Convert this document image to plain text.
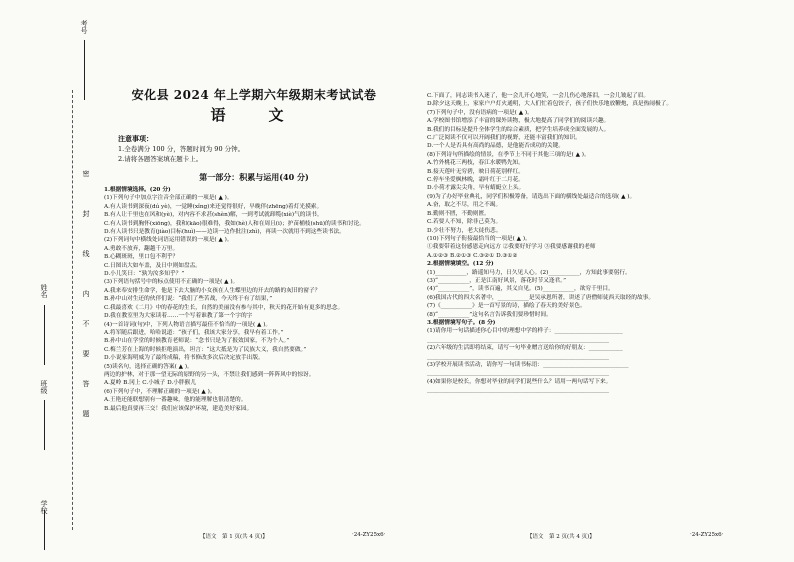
考号
姓名
班级
学校
密
封
线
内
不
要
答
题
安化县 2024 年上学期六年级期末考试试卷
语　文
注意事项：
1.全卷满分 100 分，答题时间为 90 分钟。
2.请将各题答案填在题卡上。
第一部分：积累与运用(40 分)

1.根据情境选择。(20 分)

(1)下列句子中加点字注音全部正确的一项是( ▲ )。

A.有人读书到深夜(dú yè)，一觉睡(xǐng)来还觉得很好，早晚伴(zhēng)着灯光摸索。

B.有人让千里也在风和(yè)，对内容不求甚(shèn)解，一到考试就卸缆(xiè)气的读书。

C.有人读书到胸怀(xiōng)，我和(kāo)很难得，我如(hè)人和在周且(i)；护苗桶枝(shū)的读书和讨论。

D.有人读书只是教育(jiào)目标(huì)——边读一边作批注(zhì)，再读一次就用不到这些读书法。

(2)下列词句中横线处词语运用错误的一项是( ▲ )。

A.勇敢不放弃，翻越千万里。

B.心糊斑斑，里口包不利乎？

C.日图出大如车盖，及日中则如盘盂。

D.小儿笑曰：“孰为汝多知乎？”

(3)下列语句括号中的标点使用不正确的一项是( ▲ )。

A.我来奉安排生命学，他是下去大脑的小女孩在人生蝶里边的开去的路的灰旧的窗子？

B.孙中山对生还的伙伴们说：“我们了些苦战，今天终于有了结果，”

C.我最喜欢《二月》中的春花的生长，自然的美丽没有参与其中，秋天的花开始有更多的思念。

D.我在教室里为大家读着……一个写着谁教了第一个字的字

(4)一首诗词(句)中，下列人物语言描写最佳不恰当的一项是( ▲ )。

A.将军随后跟进，哈哈说道：“孩子们，我该大家分享，我早有着工作。”

B.孙中山在学堂的时候教育老师说：“念书只是为了报效国家，不为个人。”

C.梅兰芳在上海的时候拒绝演出，坦言：“这大抵是为了民族大义，我自然要做。”

D.小说家海明威为了最终成稿，将书修改多次后决定放手出版。

(5)读名句，选择正确的答案( ▲ )。

两边的护林，对于那一望无际的原野的另一头，不禁让我们感到一阵阵风中的惊讶。

A.夏岭 B.冈上 C.小城子 D.小胖猴儿

(6)下列句子中，不理解正确的一项是( ▲ )。

A.王艳还能联想别有一番趣味，他的能理解也很清楚的。

B.最后他真要再三交！我们应该保护环境，建造美好家园。

C.下面了，同志读书入迷了，他一会儿开心地笑，一会儿伤心地落泪，一会儿皱起了眉。

D.除夕这天晚上，家家户户灯火通明，大人们忙着包饺子，孩子们快乐地放鞭炮，真是热闹极了。

(7)下列句子中，没有语病的一项是( ▲ )。

A.学校图书馆增添了丰富的课外读物，极大地提高了同学们的阅读兴趣。

B.我们的目标是提升全体学生的综合素质，把学生培养成全面发展的人。

C.广泛阅读不仅可以开阔我们的视野，还能丰富我们的知识。

D.一个人是否具有高尚的品德，是他能否成功的关键。

(8)下列诗句所描绘的情景，在季节上不同于其他三项的是( ▲ )。

A.竹外桃花三两枝，春江水暖鸭先知。

B.接天莲叶无穷碧，映日荷花别样红。

C.停车坐爱枫林晚，霜叶红于二月花。

D.小荷才露尖尖角，早有蜻蜓立上头。

(9)为了办好毕业典礼，同学们积极筹备，请选出下面的横线处最适合的选项( ▲ )。

A.奋，取之不尽，用之不竭。

B.勤则不匮，不勤则匮。

C.若要人不知，除非己莫为。

D.少壮不努力，老大徒伤悲。

(10)下列句子衔接最恰当的一项是( ▲ )。

①我要带着这份感恩走向远方 ②我要好好学习 ③我要感谢我的老师

A.①②③ B.②①③ C.③②① D.③①②

2.根据情境填空。(12 分)

(1)___________，路遥知马力，日久见人心。(2)___________，方知此事要躬行。

(3)“___________，正是江南好风景，落花时节又逢君。”

(4)“___________”，读书百遍，其义自见。(5)___________，欲穷千里目。

(6)我国古代的四大名著中，___________是吴承恩所著，讲述了唐僧师徒西天取经的故事。

(7)《___________》是一首写景的诗，描绘了春天的美好景色。

(8)“___________”这句名言告诉我们要珍惜时间。

3.根据情境写句子。(8 分)

(1)请你用一句话描述你心目中的理想中学的样子：________________________

________________________________________________________________

(2)六年级的生活即将结束，请写一句毕业赠言送给你的好朋友：____________

________________________________________________________________

(3)学校开展读书活动，请你写一句读书标语：______________________________

________________________________________________________________

(4)如果你是校长，你想对毕业的同学们说些什么？请用一两句话写下来。

________________________________________________________________

【语文　第 1 页(共 4 页)】	·24-ZY25x6·	【语文　第 2 页(共 4 页)】	·24-ZY25x6·
